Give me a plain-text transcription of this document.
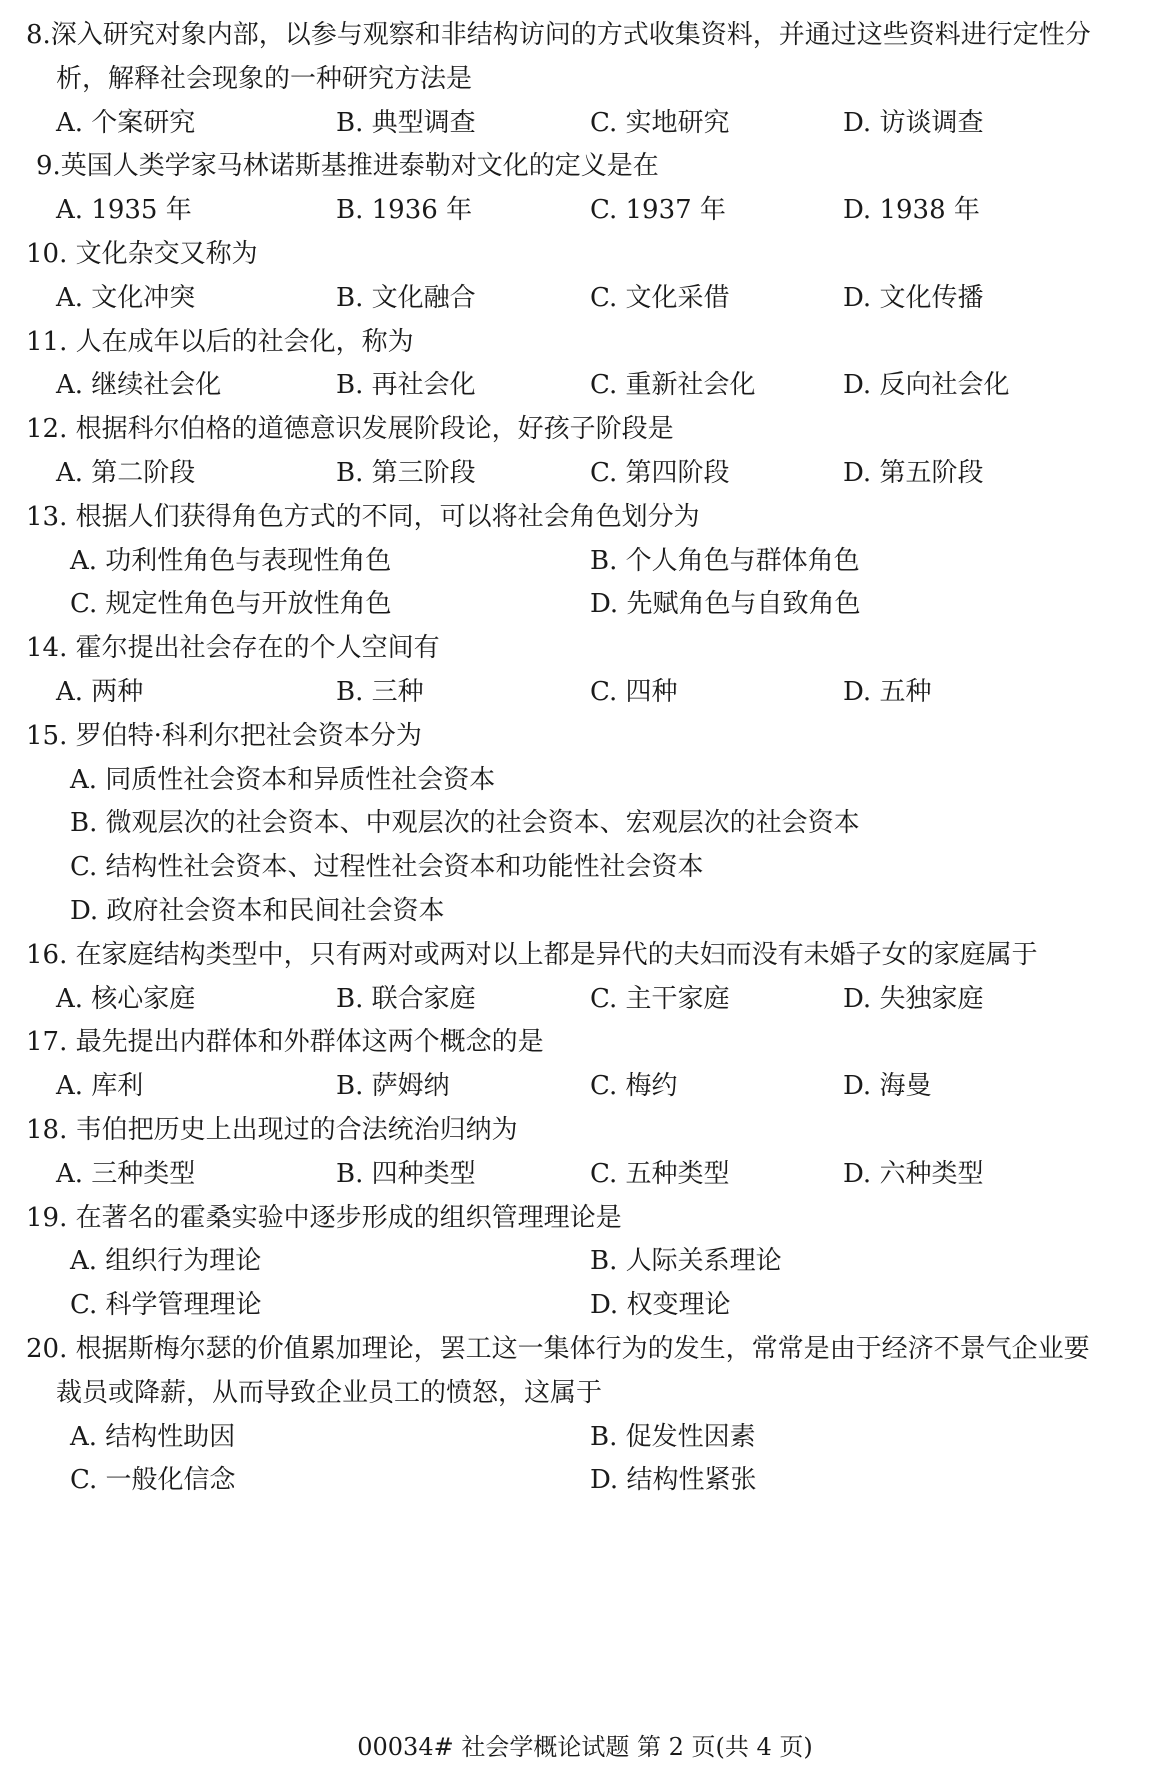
8.深入研究对象内部，以参与观察和非结构访问的方式收集资料，并通过这些资料进行定性分
析，解释社会现象的一种研究方法是
A. 个案研究	B. 典型调查	C. 实地研究	D. 访谈调查
9.英国人类学家马林诺斯基推进泰勒对文化的定义是在
A. 1935 年	B. 1936 年	C. 1937 年	D. 1938 年
10. 文化杂交又称为
A. 文化冲突	B. 文化融合	C. 文化采借	D. 文化传播
11. 人在成年以后的社会化，称为
A. 继续社会化	B. 再社会化	C. 重新社会化	D. 反向社会化
12. 根据科尔伯格的道德意识发展阶段论，好孩子阶段是
A. 第二阶段	B. 第三阶段	C. 第四阶段	D. 第五阶段
13. 根据人们获得角色方式的不同，可以将社会角色划分为
A. 功利性角色与表现性角色	B. 个人角色与群体角色
C. 规定性角色与开放性角色	D. 先赋角色与自致角色
14. 霍尔提出社会存在的个人空间有
A. 两种	B. 三种	C. 四种	D. 五种
15. 罗伯特·科利尔把社会资本分为
A. 同质性社会资本和异质性社会资本
B. 微观层次的社会资本、中观层次的社会资本、宏观层次的社会资本
C. 结构性社会资本、过程性社会资本和功能性社会资本
D. 政府社会资本和民间社会资本
16. 在家庭结构类型中，只有两对或两对以上都是异代的夫妇而没有未婚子女的家庭属于
A. 核心家庭	B. 联合家庭	C. 主干家庭	D. 失独家庭
17. 最先提出内群体和外群体这两个概念的是
A. 库利	B. 萨姆纳	C. 梅约	D. 海曼
18. 韦伯把历史上出现过的合法统治归纳为
A. 三种类型	B. 四种类型	C. 五种类型	D. 六种类型
19. 在著名的霍桑实验中逐步形成的组织管理理论是
A. 组织行为理论	B. 人际关系理论
C. 科学管理理论	D. 权变理论
20. 根据斯梅尔瑟的价值累加理论，罢工这一集体行为的发生，常常是由于经济不景气企业要
裁员或降薪，从而导致企业员工的愤怒，这属于
A. 结构性助因	B. 促发性因素
C. 一般化信念	D. 结构性紧张
00034# 社会学概论试题 第 2 页(共 4 页)
